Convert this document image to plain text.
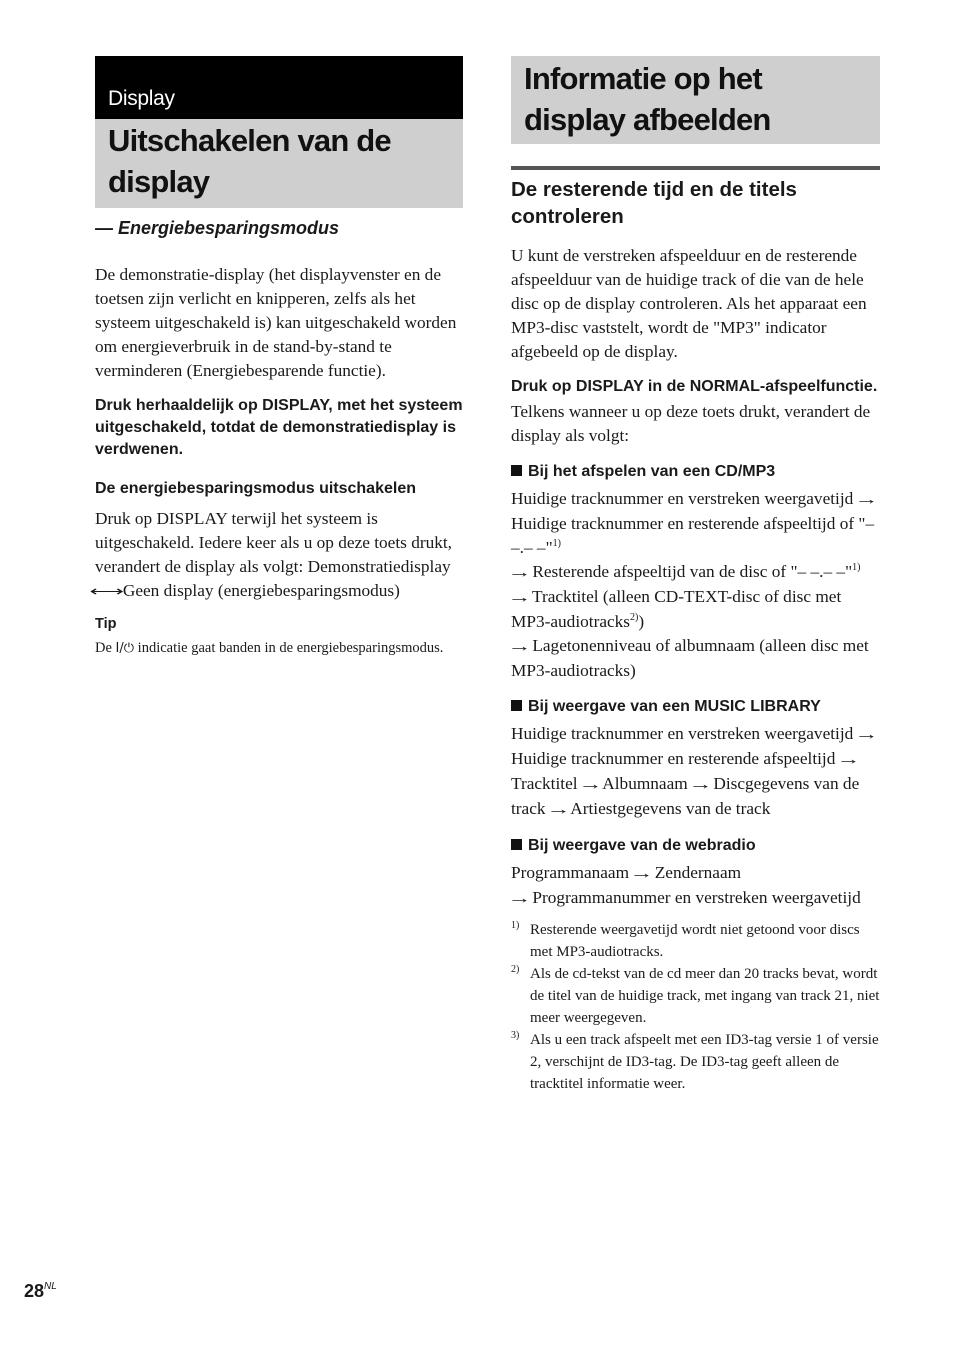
Display
Uitschakelen van de display
— Energiebesparingsmodus

De demonstratie-display (het displayvenster en de toetsen zijn verlicht en knipperen, zelfs als het systeem uitgeschakeld is) kan uitgeschakeld worden om energieverbruik in de stand-by-stand te verminderen (Energiebesparende functie).

Druk herhaaldelijk op DISPLAY, met het systeem uitgeschakeld, totdat de demonstratiedisplay is verdwenen.

De energiebesparingsmodus uitschakelen

Druk op DISPLAY terwijl het systeem is uitgeschakeld. Iedere keer als u op deze toets drukt, verandert de display als volgt: Demonstratiedisplay ⟷ Geen display (energiebesparingsmodus)

Tip

De I/⏻ indicatie gaat banden in de energiebesparingsmodus.

Informatie op het display afbeelden
De resterende tijd en de titels controleren

U kunt de verstreken afspeelduur en de resterende afspeelduur van de huidige track of die van de hele disc op de display controleren. Als het apparaat een MP3-disc vaststelt, wordt de "MP3" indicator afgebeeld op de display.

Druk op DISPLAY in de NORMAL-afspeelfunctie.

Telkens wanneer u op deze toets drukt, verandert de display als volgt:

Bij het afspelen van een CD/MP3

Huidige tracknummer en verstreken weergavetijd → Huidige tracknummer en resterende afspeeltijd of "– –.– –"$^{1)}$
→ Resterende afspeeltijd van de disc of "– –.– –"$^{1)}$ → Tracktitel (alleen CD-TEXT-disc of disc met MP3-audiotracks$^{2)}$)
→ Lagetonenniveau of albumnaam (alleen disc met MP3-audiotracks)

Bij weergave van een MUSIC LIBRARY

Huidige tracknummer en verstreken weergavetijd → Huidige tracknummer en resterende afspeeltijd → Tracktitel → Albumnaam → Discgegevens van de track → Artiestgegevens van de track

Bij weergave van de webradio

Programmanaam → Zendernaam
→ Programmanummer en verstreken weergavetijd

1) Resterende weergavetijd wordt niet getoond voor discs met MP3-audiotracks.
2) Als de cd-tekst van de cd meer dan 20 tracks bevat, wordt de titel van de huidige track, met ingang van track 21, niet meer weergegeven.
3) Als u een track afspeelt met een ID3-tag versie 1 of versie 2, verschijnt de ID3-tag. De ID3-tag geeft alleen de tracktitel informatie weer.
$28^{NL}$
